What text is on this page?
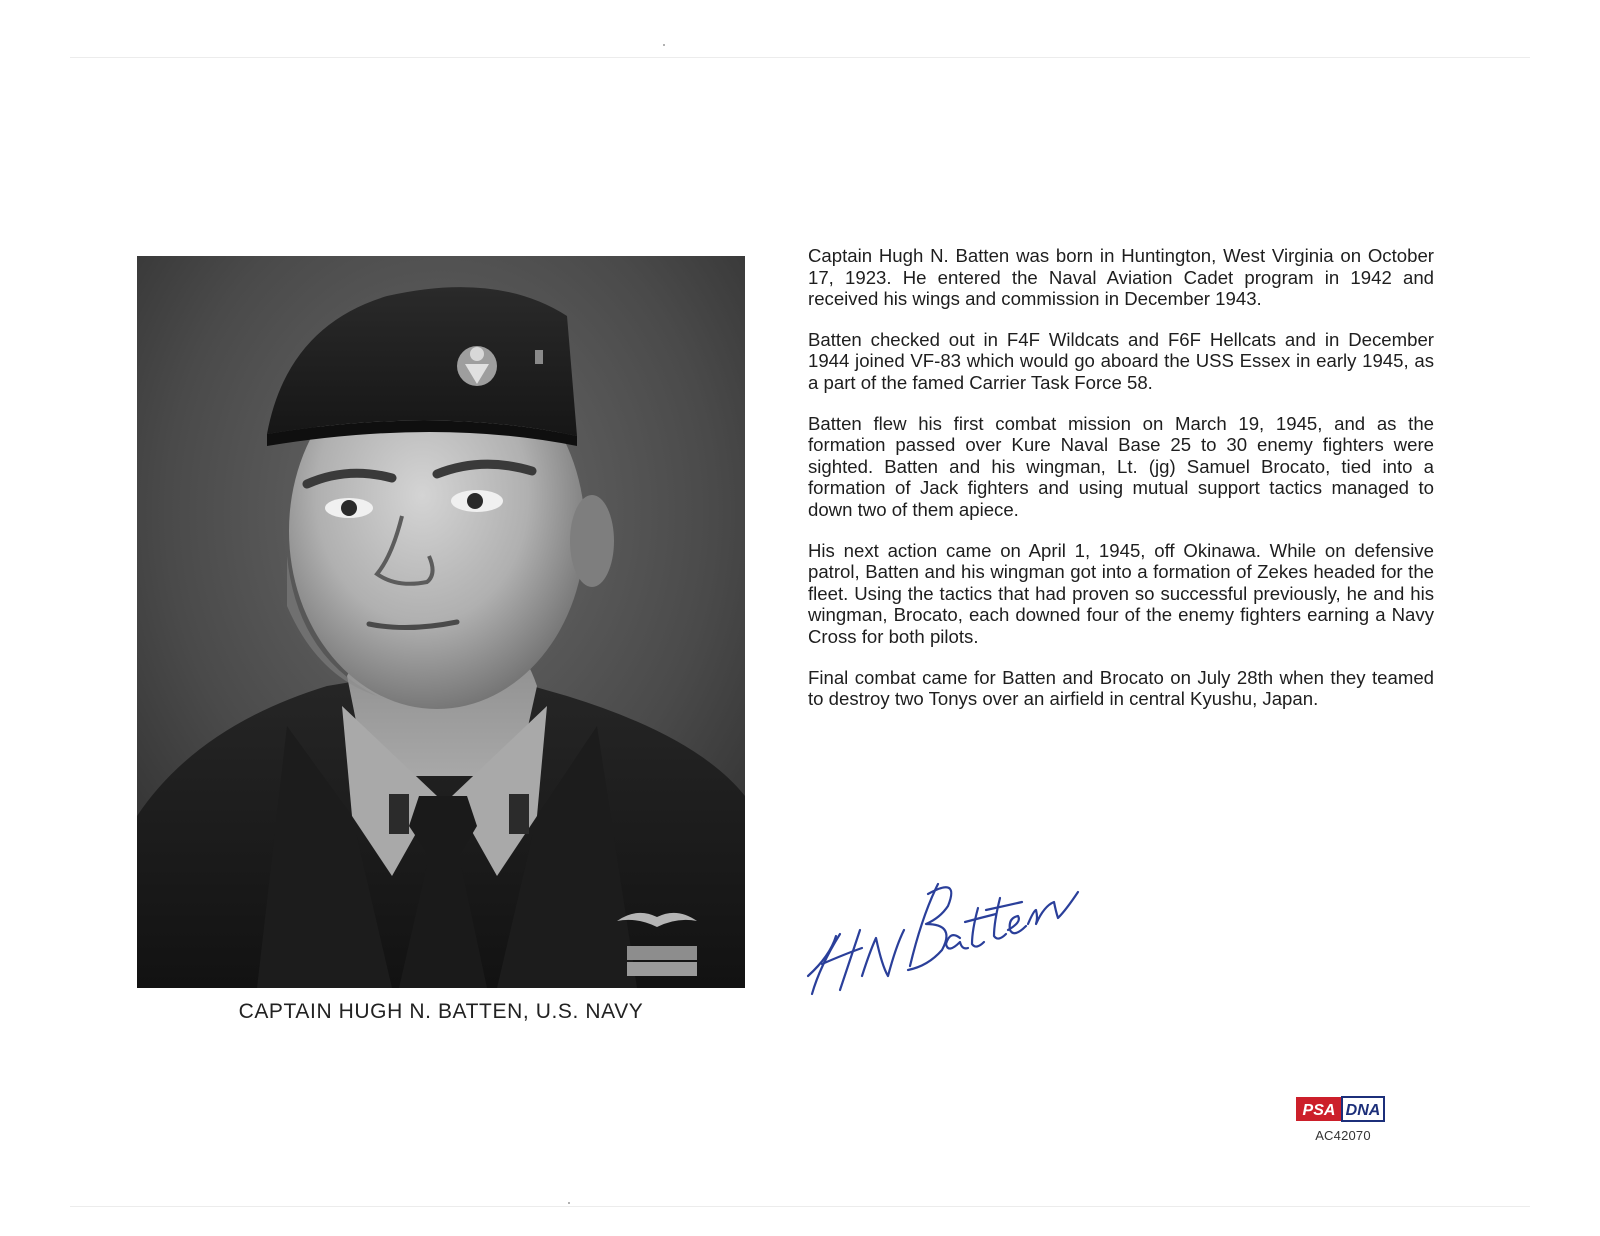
CAPTAIN HUGH N. BATTEN, U.S. NAVY

Captain Hugh N. Batten was born in Huntington, West Virginia on October 17, 1923. He entered the Naval Aviation Cadet program in 1942 and received his wings and commission in December 1943.

Batten checked out in F4F Wildcats and F6F Hellcats and in December 1944 joined VF-83 which would go aboard the USS Essex in early 1945, as a part of the famed Carrier Task Force 58.

Batten flew his first combat mission on March 19, 1945, and as the formation passed over Kure Naval Base 25 to 30 enemy fighters were sighted. Batten and his wingman, Lt. (jg) Samuel Brocato, tied into a formation of Jack fighters and using mutual support tactics managed to down two of them apiece.

His next action came on April 1, 1945, off Okinawa. While on defensive patrol, Batten and his wingman got into a formation of Zekes headed for the fleet. Using the tactics that had proven so successful previously, he and his wingman, Brocato, each downed four of the enemy fighters earning a Navy Cross for both pilots.

Final combat came for Batten and Brocato on July 28th when they teamed to destroy two Tonys over an airfield in central Kyushu, Japan.

PSA DNA
AC42070
